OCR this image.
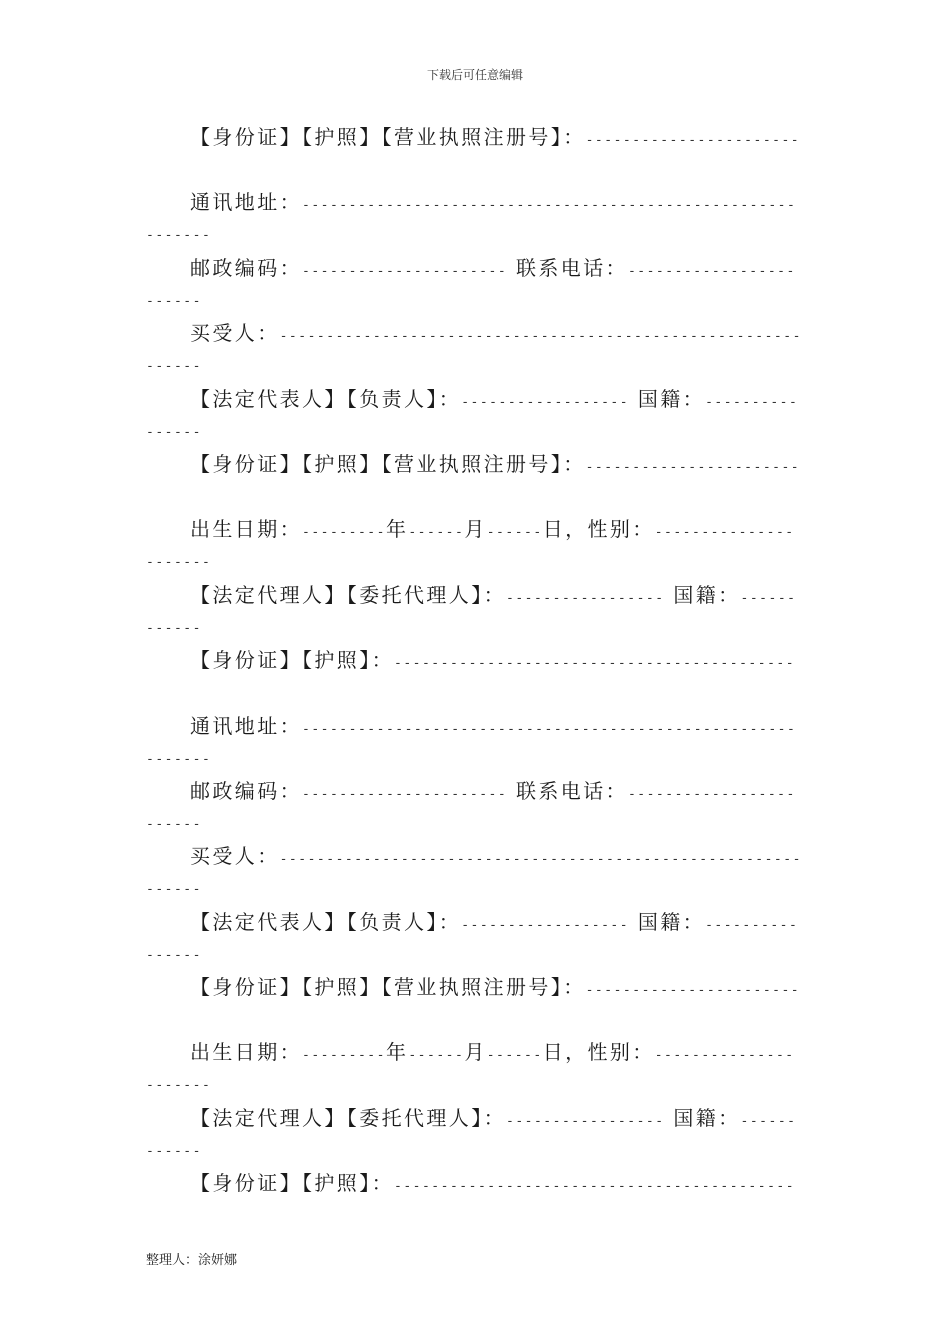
下载后可任意编辑

【身份证】【护照】【营业执照注册号】：-----------------------

通讯地址：------------------------------------------------------------

邮政编码：---------------------- 联系电话：------------------------

买受人：--------------------------------------------------------------

【法定代表人】【负责人】：------------------ 国籍：----------------

【身份证】【护照】【营业执照注册号】：-----------------------

出生日期：---------年------月------日，性别：----------------------

【法定代理人】【委托代理人】：----------------- 国籍：------------

【身份证】【护照】：-------------------------------------------

通讯地址：------------------------------------------------------------

邮政编码：---------------------- 联系电话：------------------------

买受人：--------------------------------------------------------------

【法定代表人】【负责人】：------------------ 国籍：----------------

【身份证】【护照】【营业执照注册号】：-----------------------

出生日期：---------年------月------日，性别：----------------------

【法定代理人】【委托代理人】：----------------- 国籍：------------

【身份证】【护照】：-------------------------------------------

整理人：涂妍娜
